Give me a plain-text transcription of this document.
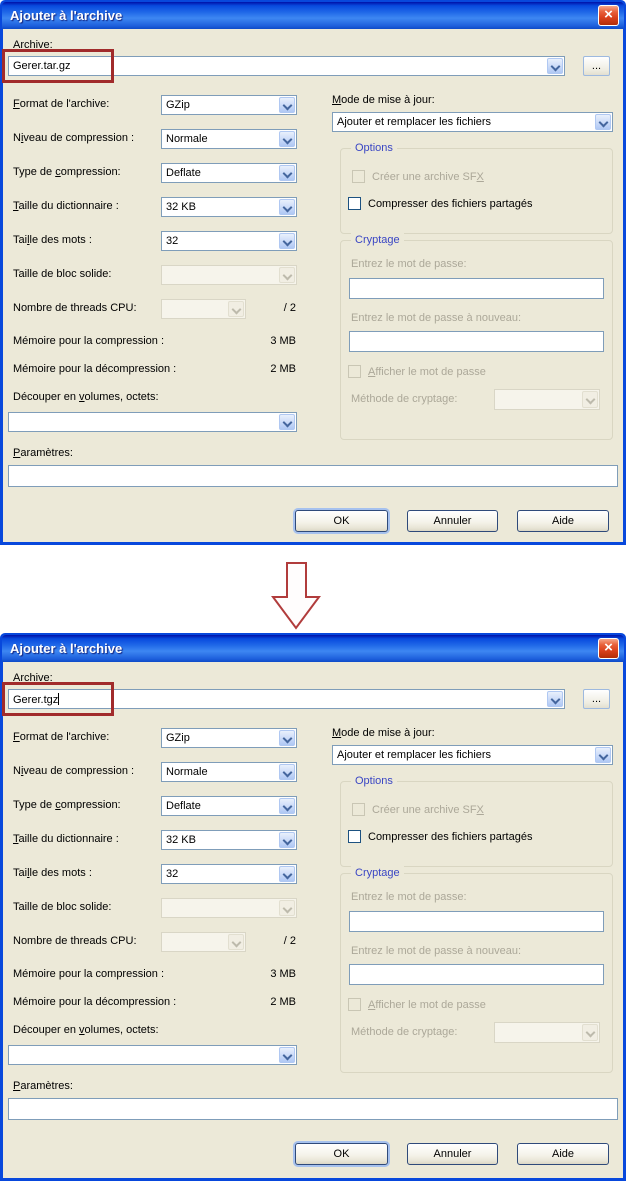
Ajouter à l'archive	×
Archive:
Gerer.tar.gz	...
Format de l'archive:	GZip
Niveau de compression :	Normale
Type de compression:	Deflate
Taille du dictionnaire :	32 KB
Taille des mots :	32
Taille de bloc solide:
Nombre de threads CPU:	/ 2
Mémoire pour la compression :	3 MB
Mémoire pour la décompression :	2 MB
Découper en volumes, octets:
Paramètres:
Mode de mise à jour:
Ajouter et remplacer les fichiers
Options
Créer une archive SFX
Compresser des fichiers partagés
Cryptage
Entrez le mot de passe:
Entrez le mot de passe à nouveau:
Afficher le mot de passe
Méthode de cryptage:
OK	Annuler	Aide
Ajouter à l'archive	×
Archive:
Gerer.tgz	...
Format de l'archive:	GZip
Niveau de compression :	Normale
Type de compression:	Deflate
Taille du dictionnaire :	32 KB
Taille des mots :	32
Taille de bloc solide:
Nombre de threads CPU:	/ 2
Mémoire pour la compression :	3 MB
Mémoire pour la décompression :	2 MB
Découper en volumes, octets:
Paramètres:
Mode de mise à jour:
Ajouter et remplacer les fichiers
Options
Créer une archive SFX
Compresser des fichiers partagés
Cryptage
Entrez le mot de passe:
Entrez le mot de passe à nouveau:
Afficher le mot de passe
Méthode de cryptage:
OK	Annuler	Aide
